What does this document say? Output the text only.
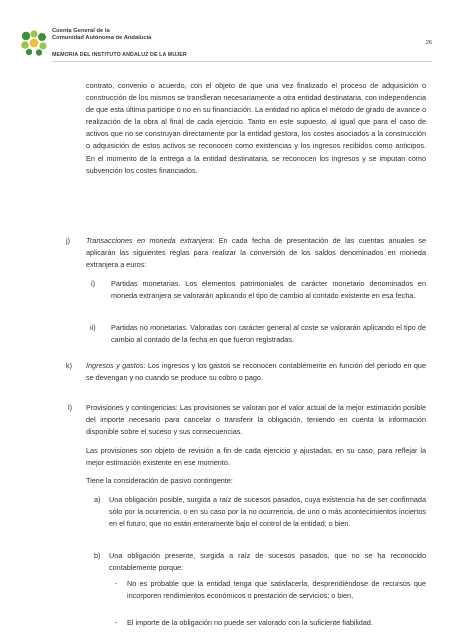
Cuenta General de la
Comunidad Autónoma de Andalucía
MEMORIA DEL INSTITUTO ANDALUZ DE LA MUJER
26

contrato, convenio o acuerdo, con el objeto de que una vez finalizado el proceso de adquisición o construcción de los mismos se transfieran necesariamente a otra entidad destinataria, con independencia de que esta última participe o no en su financiación. La entidad no aplica el método de grado de avance o realización de la obra al final de cada ejercicio. Tanto en este supuesto, al igual que para el caso de activos que no se construyan directamente por la entidad gestora, los costes asociados a la construcción o adquisición de estos activos se reconocen como existencias y los ingresos recibidos como anticipos. En el momento de la entrega a la entidad destinataria, se reconocen los ingresos y se imputan como subvención los costes financiados.

j) Transacciones en moneda extranjera: En cada fecha de presentación de las cuentas anuales se aplicarán las siguientes reglas para realizar la conversión de los saldos denominados en moneda extranjera a euros:

i) Partidas monetarias. Los elementos patrimoniales de carácter monetario denominados en moneda extranjera se valorarán aplicando el tipo de cambio al contado existente en esa fecha.

ii) Partidas no monetarias. Valoradas con carácter general al coste se valorarán aplicando el tipo de cambio al contado de la fecha en que fueron registradas.

k) Ingresos y gastos: Los ingresos y los gastos se reconocen contablemente en función del periodo en que se devengan y no cuando se produce su cobro o pago.

l) Provisiones y contingencias: Las provisiones se valoran por el valor actual de la mejor estimación posible del importe necesario para cancelar o transferir la obligación, teniendo en cuenta la información disponible sobre el suceso y sus consecuencias.

Las provisiones son objeto de revisión a fin de cada ejercicio y ajustadas, en su caso, para reflejar la mejor estimación existente en ese momento.

Tiene la consideración de pasivo contingente:

a) Una obligación posible, surgida a raíz de sucesos pasados, cuya existencia ha de ser confirmada sólo por la ocurrencia, o en su caso por la no ocurrencia, de uno o más acontecimientos inciertos en el futuro, que no están enteramente bajo el control de la entidad; o bien.

b) Una obligación presente, surgida a raíz de sucesos pasados, que no se ha reconocido contablemente porque:

- No es probable que la entidad tenga que satisfacerla, desprendiéndose de recursos que incorporen rendimientos económicos o prestación de servicios; o bien,

- El importe de la obligación no puede ser valorado con la suficiente fiabilidad.
